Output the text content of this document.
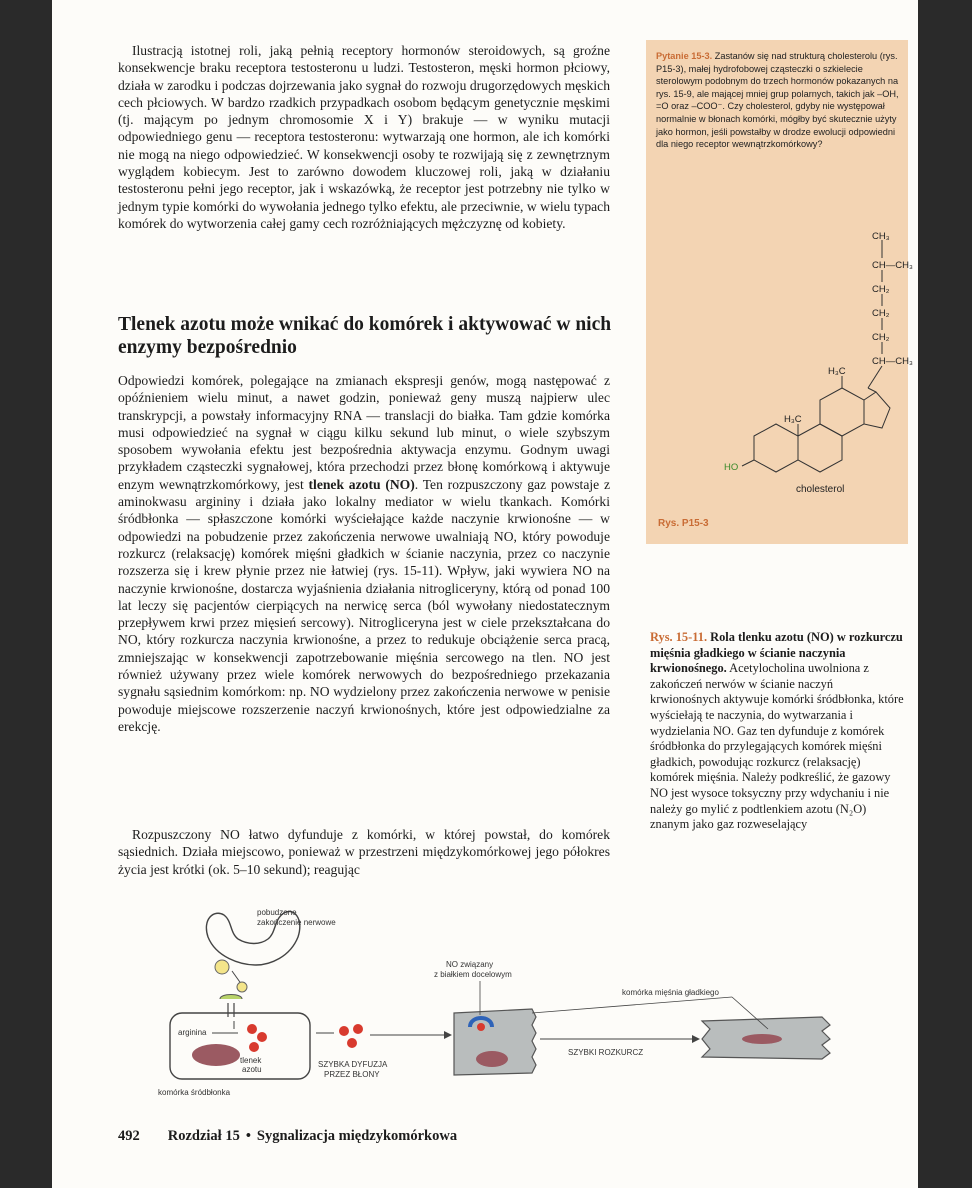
Ilustracją istotnej roli, jaką pełnią receptory hormonów steroidowych, są groźne konsekwencje braku receptora testosteronu u ludzi. Testosteron, męski hormon płciowy, działa w zarodku i podczas dojrzewania jako sygnał do rozwoju drugorzędowych męskich cech płciowych. W bardzo rzadkich przypadkach osobom będącym genetycznie męskimi (tj. mającym po jednym chromosomie X i Y) brakuje — w wyniku mutacji odpowiedniego genu — receptora testosteronu: wytwarzają one hormon, ale ich komórki nie mogą na niego odpowiedzieć. W konsekwencji osoby te rozwijają się z zewnętrznym wyglądem kobiecym. Jest to zarówno dowodem kluczowej roli, jaką w działaniu testosteronu pełni jego receptor, jak i wskazówką, że receptor jest potrzebny nie tylko w jednym typie komórki do wywołania jednego tylko efektu, ale przeciwnie, w wielu typach komórek do wytworzenia całej gamy cech rozróżniających mężczyznę od kobiety.

Tlenek azotu może wnikać do komórek i aktywować w nich enzymy bezpośrednio

Odpowiedzi komórek, polegające na zmianach ekspresji genów, mogą następować z opóźnieniem wielu minut, a nawet godzin, ponieważ geny muszą najpierw ulec transkrypcji, a powstały informacyjny RNA — translacji do białka. Tam gdzie komórka musi odpowiedzieć na sygnał w ciągu kilku sekund lub minut, o wiele szybszym sposobem wywołania efektu jest bezpośrednia aktywacja enzymu. Godnym uwagi przykładem cząsteczki sygnałowej, która przechodzi przez błonę komórkową i aktywuje enzym wewnątrzkomórkowy, jest tlenek azotu (NO). Ten rozpuszczony gaz powstaje z aminokwasu argininy i działa jako lokalny mediator w wielu tkankach. Komórki śródbłonka — spłaszczone komórki wyściełające każde naczynie krwionośne — w odpowiedzi na pobudzenie przez zakończenia nerwowe uwalniają NO, który powoduje rozkurcz (relaksację) komórek mięśni gładkich w ścianie naczynia, przez co naczynie rozszerza się i krew płynie przez nie łatwiej (rys. 15-11). Wpływ, jaki wywiera NO na naczynie krwionośne, dostarcza wyjaśnienia działania nitrogliceryny, którą od ponad 100 lat leczy się pacjentów cierpiących na nerwicę serca (ból wywołany niedostatecznym przepływem krwi przez mięsień sercowy). Nitrogliceryna jest w ciele przekształcana do NO, który rozkurcza naczynia krwionośne, a przez to redukuje obciążenie serca pracą, zmniejszając w konsekwencji zapotrzebowanie mięśnia sercowego na tlen. NO jest również używany przez wiele komórek nerwowych do bezpośredniego przekazania sygnału sąsiednim komórkom: np. NO wydzielony przez zakończenia nerwowe w penisie powoduje miejscowe rozszerzenie naczyń krwionośnych, które jest odpowiedzialne za erekcję.

Rozpuszczony NO łatwo dyfunduje z komórki, w której powstał, do komórek sąsiednich. Działa miejscowo, ponieważ w przestrzeni międzykomórkowej jego półokres życia jest krótki (ok. 5–10 sekund); reagując

Pytanie 15-3. Zastanów się nad strukturą cholesterolu (rys. P15-3), małej hydrofobowej cząsteczki o szkielecie sterolowym podobnym do trzech hormonów pokazanych na rys. 15-9, ale mającej mniej grup polarnych, takich jak –OH, =O oraz –COO⁻. Czy cholesterol, gdyby nie występował normalnie w błonach komórki, mógłby być skutecznie użyty jako hormon, jeśli powstałby w drodze ewolucji odpowiedni dla niego receptor wewnątrzkomórkowy?

CH₃
CH—CH₃
CH₂
CH₂
CH₂
CH—CH₃
H₃C
H₃C
HO
cholesterol
Rys. P15-3

Rys. 15-11. Rola tlenku azotu (NO) w rozkurczu mięśnia gładkiego w ścianie naczynia krwionośnego. Acetylocholina uwolniona z zakończeń nerwów w ścianie naczyń krwionośnych aktywuje komórki śródbłonka, które wyściełają te naczynia, do wytwarzania i wydzielania NO. Gaz ten dyfunduje z komórek śródbłonka do przylegających komórek mięśni gładkich, powodując rozkurcz (relaksację) komórek mięśnia. Należy podkreślić, że gazowy NO jest wysoce toksyczny przy wdychaniu i nie należy go mylić z podtlenkiem azotu (N₂O) znanym jako gaz rozweselający

pobudzone
zakończenie nerwowe
arginina
tlenek
azotu
komórka śródbłonka
SZYBKA DYFUZJA
PRZEZ BŁONY
NO związany
z białkiem docelowym
SZYBKI ROZKURCZ
komórka mięśnia gładkiego
492 Rozdział 15 • Sygnalizacja międzykomórkowa
